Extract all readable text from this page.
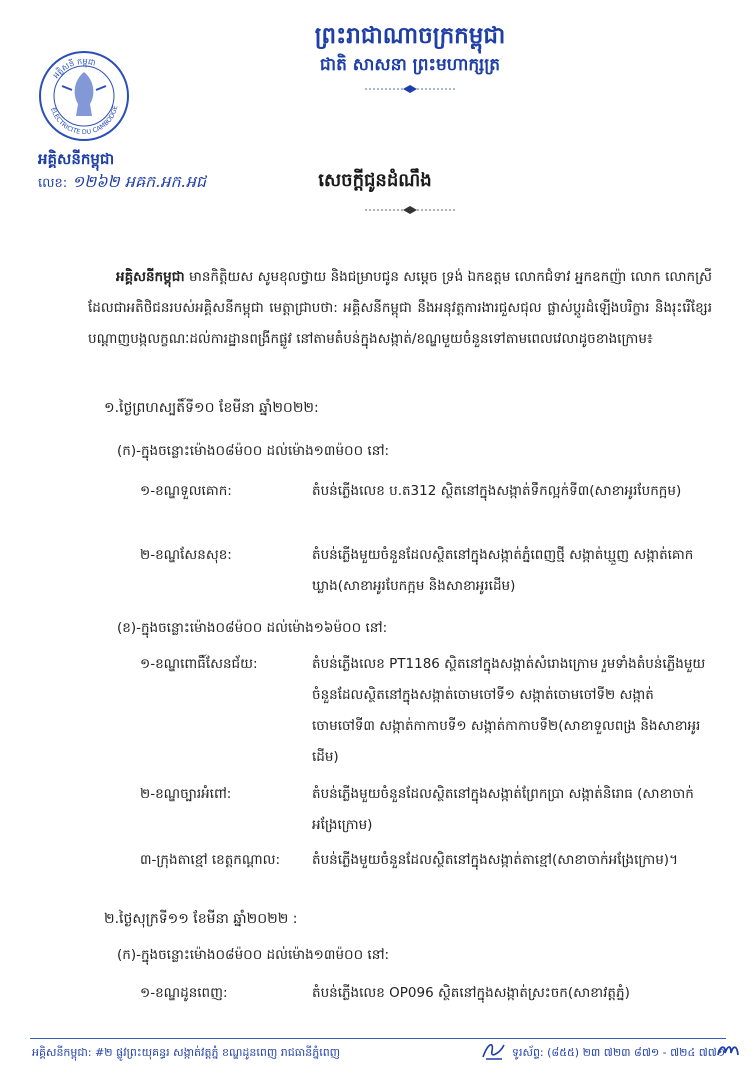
ព្រះរាជាណាចក្រកម្ពុជា
ជាតិ សាសនា ព្រះមហាក្សត្រ
អគ្គិសនី កម្ពុជា
ELECTRICITE DU CAMBODGE
អគ្គិសនីកម្ពុជា
លេខ: ១២៦២ អឝក.អក.អជ	សេចក្ដីជូនដំណឹង
អគ្គិសនីកម្ពុជា មានកិត្តិយស សូមខុលថ្វាយ និងជម្រាបជូន សម្ដេច ទ្រង់ ឯកឧត្តម លោកជំទាវ អ្នកឧកញ៉ា លោក លោកស្រី ដែលជាអតិថិជនរបស់អគ្គិសនីកម្ពុជា មេត្តាជ្រាបថា: អគ្គិសនីកម្ពុជា នឹងអនុវត្តការងារជួសជុល ផ្លាស់ប្ដូរដំឡើងបរិក្ខារ និងរុះរើខ្សែរបណ្ដាញបង្កលក្ខណៈដល់ការដ្ឋានពង្រីកផ្លូវ នៅតាមតំបន់ក្នុងសង្កាត់/ខណ្ឌមួយចំនួនទៅតាមពេលវេលាដូចខាងក្រោម៖
១.ថ្ងៃព្រហស្បតិ៍ទី១០ ខែមីនា ឆ្នាំ២០២២:
(ក)-ក្នុងចន្លោះម៉ោង០៨ម៉០០ ដល់ម៉ោង១៣ម៉០០ នៅ:
១-ខណ្ឌទួលគោក:	តំបន់ភ្លើងលេខ ប.ត312 ស្ថិតនៅក្នុងសង្កាត់ទឹកល្អក់ទី៣(សាខាអូរបែកក្អម)
២-ខណ្ឌសែនសុខ:	តំបន់ភ្លើងមួយចំនួនដែលស្ថិតនៅក្នុងសង្កាត់ភ្នំពេញថ្មី សង្កាត់ឃ្មួញ សង្កាត់គោកឃ្លាង(សាខាអូរបែកក្អម និងសាខាអូរដើម)
(ខ)-ក្នុងចន្លោះម៉ោង០៨ម៉០០ ដល់ម៉ោង១៦ម៉០០ នៅ:
១-ខណ្ឌពោធិ៍សែនជ័យ:	តំបន់ភ្លើងលេខ PT1186 ស្ថិតនៅក្នុងសង្កាត់សំរោងក្រោម រួមទាំងតំបន់ភ្លើងមួយចំនួនដែលស្ថិតនៅក្នុងសង្កាត់ចោមចៅទី១ សង្កាត់ចោមចៅទី២ សង្កាត់ចោមចៅទី៣ សង្កាត់កាកាបទី១ សង្កាត់កាកាបទី២(សាខាទួលពង្រ និងសាខាអូរដើម)
២-ខណ្ឌច្បារអំពៅ:	តំបន់ភ្លើងមួយចំនួនដែលស្ថិតនៅក្នុងសង្កាត់ព្រែកប្រា សង្កាត់និរោធ (សាខាចាក់អង្រែក្រោម)
៣-ក្រុងតាខ្មៅ ខេត្តកណ្ដាល: តំបន់ភ្លើងមួយចំនួនដែលស្ថិតនៅក្នុងសង្កាត់តាខ្មៅ(សាខាចាក់អង្រែក្រោម)។
២.ថ្ងៃសុក្រទី១១ ខែមីនា ឆ្នាំ២០២២ :
(ក)-ក្នុងចន្លោះម៉ោង០៨ម៉០០ ដល់ម៉ោង១៣ម៉០០ នៅ:
១-ខណ្ឌដូនពេញ:	តំបន់ភ្លើងលេខ OP096 ស្ថិតនៅក្នុងសង្កាត់ស្រះចក(សាខាវត្តភ្នំ)
អគ្គិសនីកម្ពុជា: #២ ផ្លូវព្រះយុគន្ធរ សង្កាត់វត្តភ្នំ ខណ្ឌដូនពេញ រាជធានីភ្នំពេញ	ទូរស័ព្ទ: (៨៥៥) ២៣ ៧២៣ ៨៧១ - ៧២៤ ៧៧១
